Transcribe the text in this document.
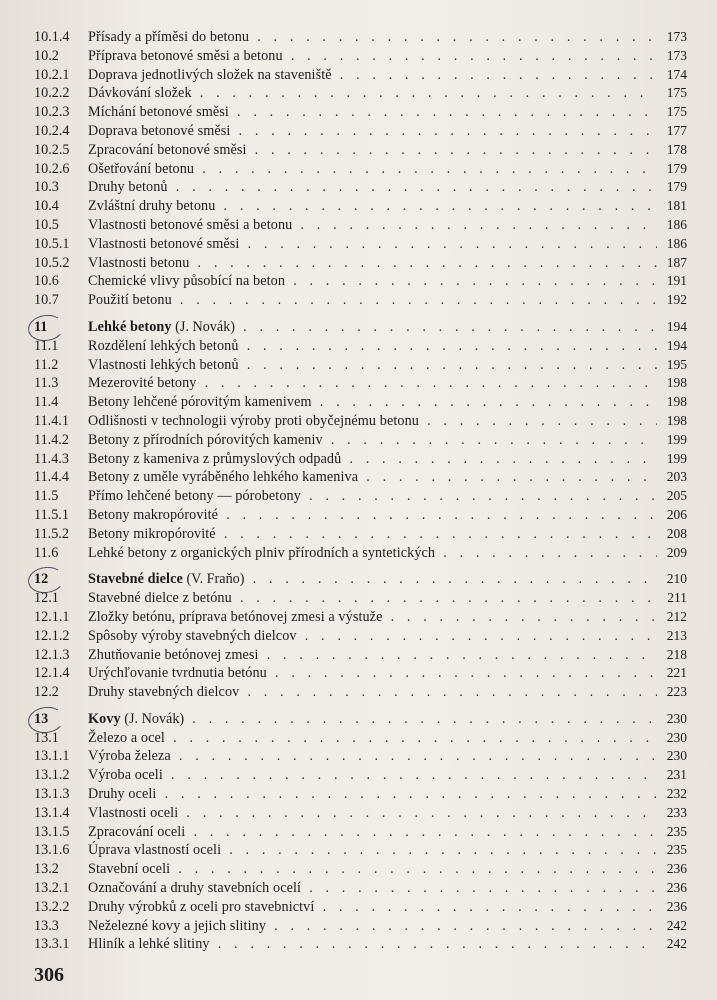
10.1.4 Přísady a příměsi do betonu . . .	173
10.2 Příprava betonové směsi a betonu . . .	173
10.2.1 Doprava jednotlivých složek na staveniště . . .	174
10.2.2 Dávkování složek . . .	175
10.2.3 Míchání betonové směsi . . .	175
10.2.4 Doprava betonové směsi . . .	177
10.2.5 Zpracování betonové směsi . . .	178
10.2.6 Ošetřování betonu . . .	179
10.3 Druhy betonů . . .	179
10.4 Zvláštní druhy betonu . . .	181
10.5 Vlastnosti betonové směsi a betonu . . .	186
10.5.1 Vlastnosti betonové směsi . . .	186
10.5.2 Vlastnosti betonu . . .	187
10.6 Chemické vlivy působící na beton . . .	191
10.7 Použití betonu . . .	192
11	Lehké betony (J. Novák) . . .	194
11.1 Rozdělení lehkých betonů . . .	194
11.2 Vlastnosti lehkých betonů . . .	195
11.3 Mezerovité betony . . .	198
11.4 Betony lehčené pórovitým kamenivem . . .	198
11.4.1 Odlišnosti v technologii výroby proti obyčejnému betonu . . .	198
11.4.2 Betony z přírodních pórovitých kameniv . . .	199
11.4.3 Betony z kameniva z průmyslových odpadů . . .	199
11.4.4 Betony z uměle vyráběného lehkého kameniva . . .	203
11.5 Přímo lehčené betony — pórobetony . . .	205
11.5.1 Betony makropórovité . . .	206
11.5.2 Betony mikropórovité . . .	208
11.6 Lehké betony z organických plniv přírodních a syntetických . . .	209
12	Stavebné dielce (V. Fraňo) . . .	210
12.1 Stavebné dielce z betónu . . .	211
12.1.1 Zložky betónu, príprava betónovej zmesi a výstuže . . .	212
12.1.2 Spôsoby výroby stavebných dielcov . . .	213
12.1.3 Zhutňovanie betónovej zmesi . . .	218
12.1.4 Urýchľovanie tvrdnutia betónu . . .	221
12.2 Druhy stavebných dielcov . . .	223
13	Kovy (J. Novák) . . .	230
13.1 Železo a ocel . . .	230
13.1.1 Výroba železa . . .	230
13.1.2 Výroba oceli . . .	231
13.1.3 Druhy oceli . . .	232
13.1.4 Vlastnosti oceli . . .	233
13.1.5 Zpracování oceli . . .	235
13.1.6 Úprava vlastností oceli . . .	235
13.2 Stavební oceli . . .	236
13.2.1 Označování a druhy stavebních ocelí . . .	236
13.2.2 Druhy výrobků z oceli pro stavebnictví . . .	236
13.3 Neželezné kovy a jejich slitiny . . .	242
13.3.1 Hliník a lehké slitiny . . .	242
306
